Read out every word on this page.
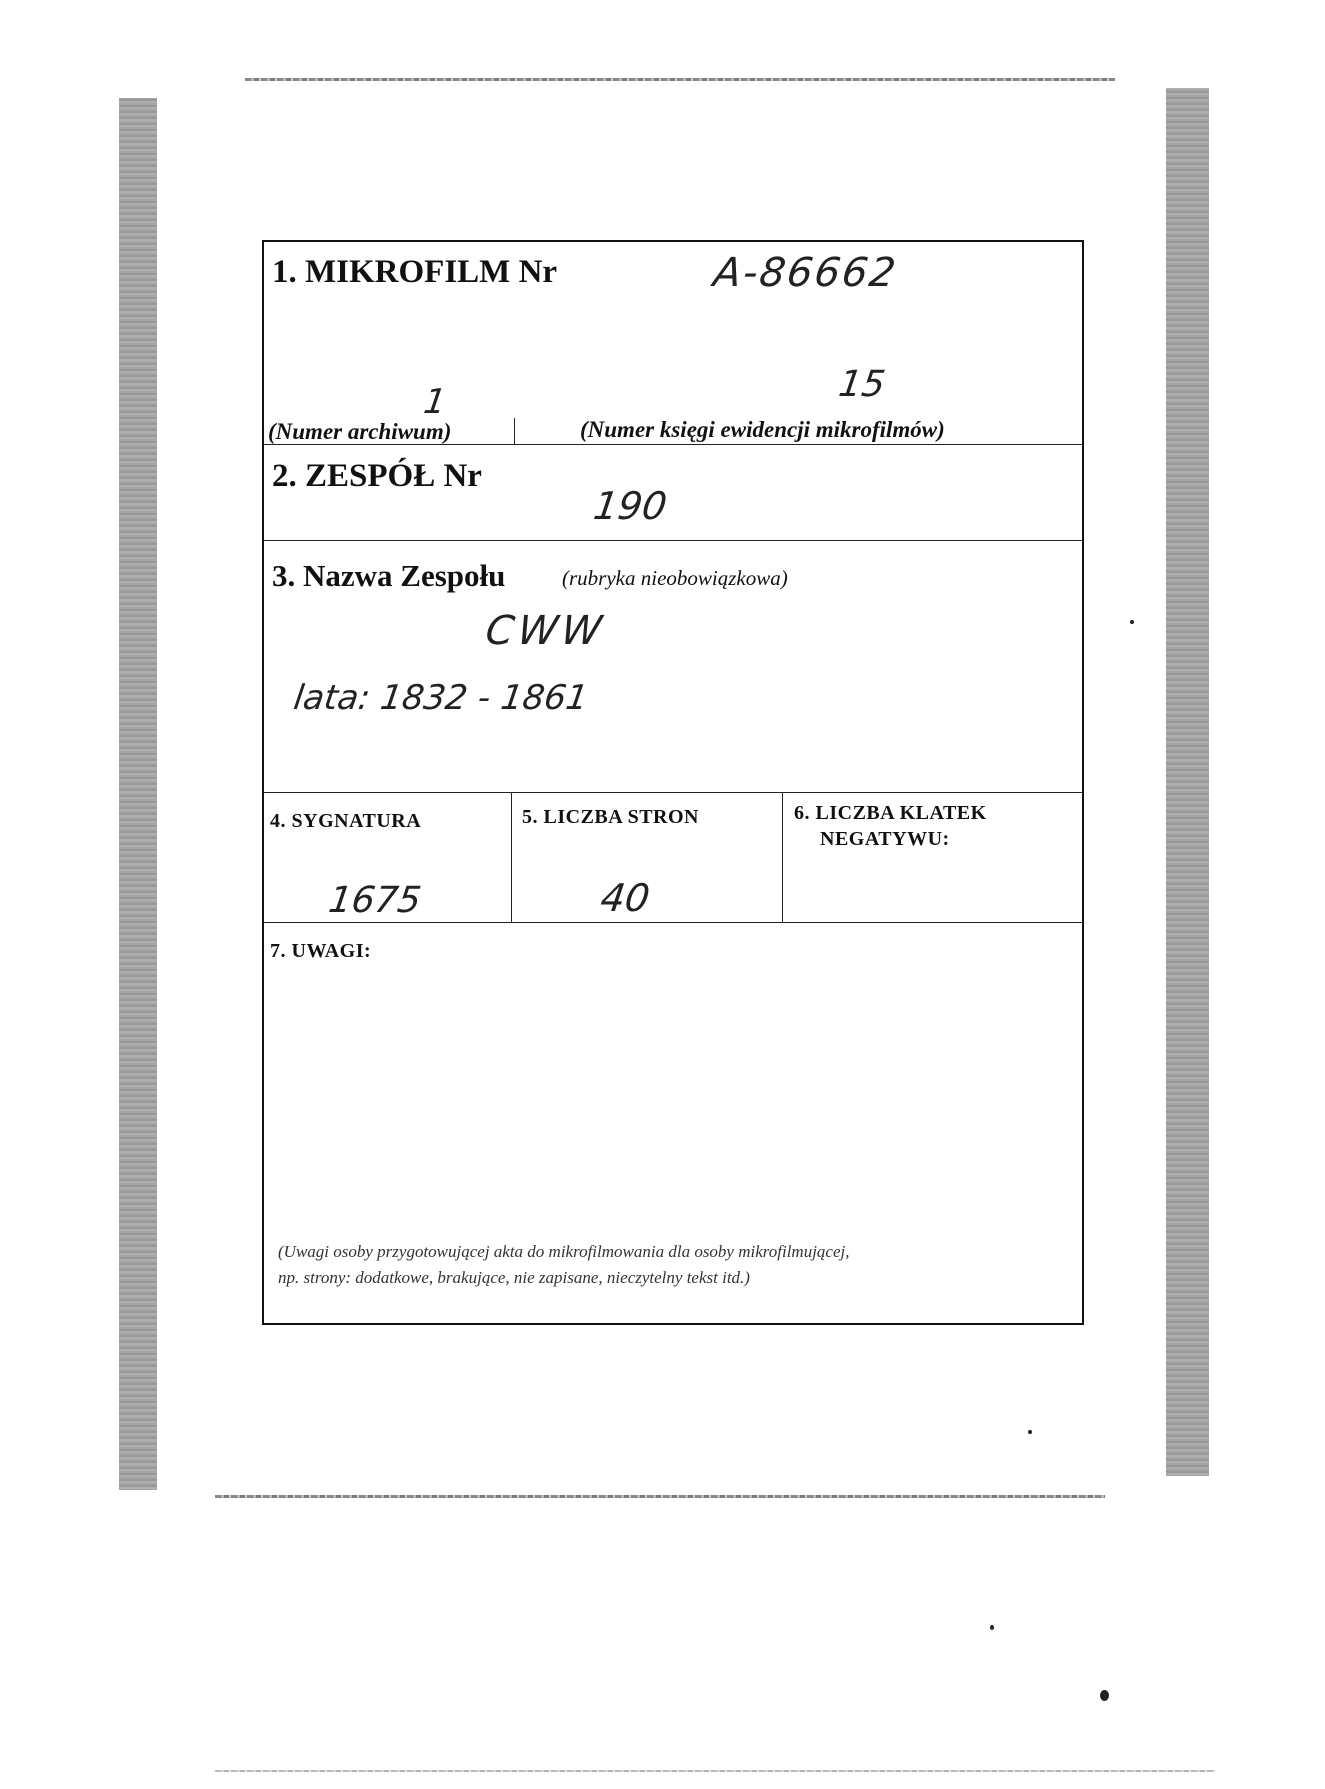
1. MIKROFILM Nr	A-86662
1	15
(Numer archiwum)	(Numer księgi ewidencji mikrofilmów)
2. ZESPÓŁ Nr
190
3. Nazwa Zespołu	(rubryka nieobowiązkowa)
CWW
lata: 1832 - 1861
4. SYGNATURA
1675
5. LICZBA STRON
40
6. LICZBA KLATEK
NEGATYWU:
7. UWAGI:
(Uwagi osoby przygotowującej akta do mikrofilmowania dla osoby mikrofilmującej,
np. strony: dodatkowe, brakujące, nie zapisane, nieczytelny tekst itd.)
